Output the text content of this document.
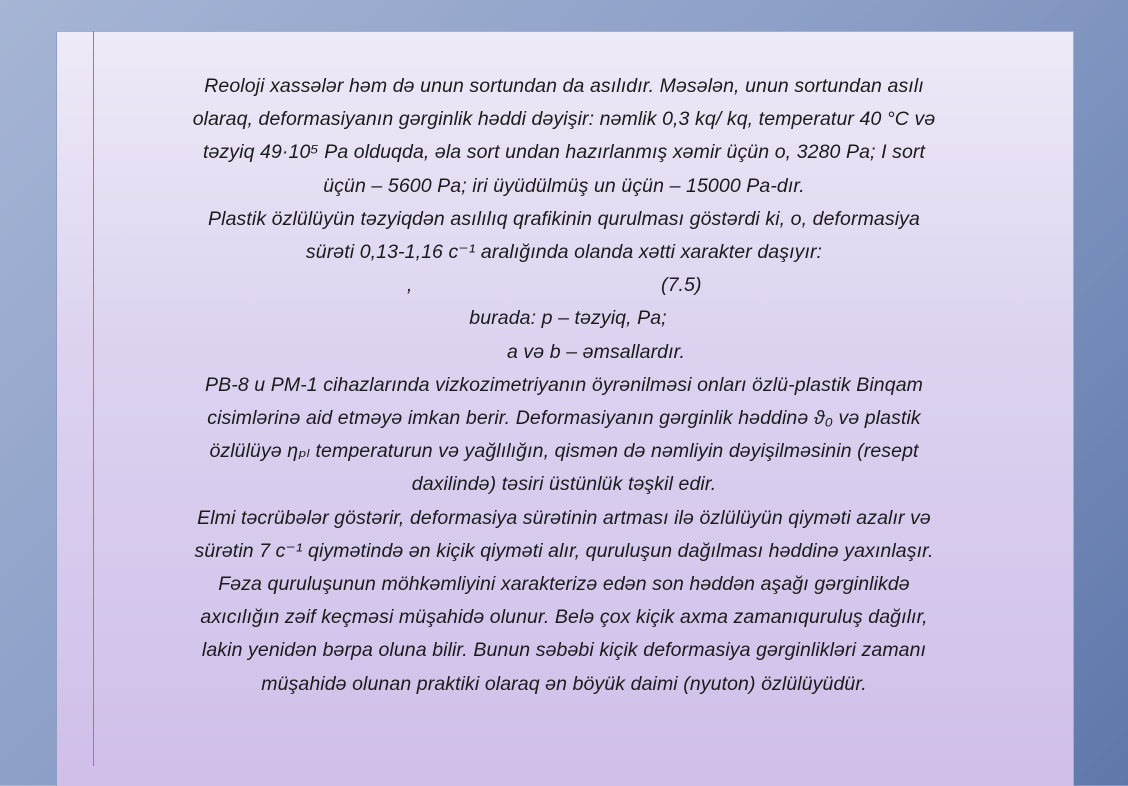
Reoloji xassələr həm də unun sortundan da asılıdır. Məsələn, unun sortundan asılı
olaraq, deformasiyanın gərginlik həddi dəyişir: nəmlik 0,3 kq/ kq, temperatur 40 °C və
təzyiq 49·10⁵ Pa olduqda, əla sort undan hazırlanmış xəmir üçün o, 3280 Pa; I sort
üçün – 5600 Pa; iri üyüdülmüş un üçün – 15000 Pa-dır.
Plastik özlülüyün təzyiqdən asılılıq qrafikinin qurulması göstərdi ki, o, deformasiya
sürəti 0,13-1,16 c⁻¹ aralığında olanda xətti xarakter daşıyır:
,	(7.5)
burada: p – təzyiq, Pa;
a və b – əmsallardır.
PB-8 u PM-1 cihazlarında vizkozimetriyanın öyrənilməsi onları özlü-plastik Binqam
cisimlərinə aid etməyə imkan berir. Deformasiyanın gərginlik həddinə ϑ₀ və plastik
özlülüyə ηₚₗ temperaturun və yağlılığın, qismən də nəmliyin dəyişilməsinin (resept
daxilində) təsiri üstünlük təşkil edir.
Elmi təcrübələr göstərir, deformasiya sürətinin artması ilə özlülüyün qiyməti azalır və
sürətin 7 c⁻¹ qiymətində ən kiçik qiyməti alır, quruluşun dağılması həddinə yaxınlaşır.
Fəza quruluşunun möhkəmliyini xarakterizə edən son həddən aşağı gərginlikdə
axıcılığın zəif keçməsi müşahidə olunur. Belə çox kiçik axma zamanıquruluş dağılır,
lakin yenidən bərpa oluna bilir. Bunun səbəbi kiçik deformasiya gərginlikləri zamanı
müşahidə olunan praktiki olaraq ən böyük daimi (nyuton) özlülüyüdür.
